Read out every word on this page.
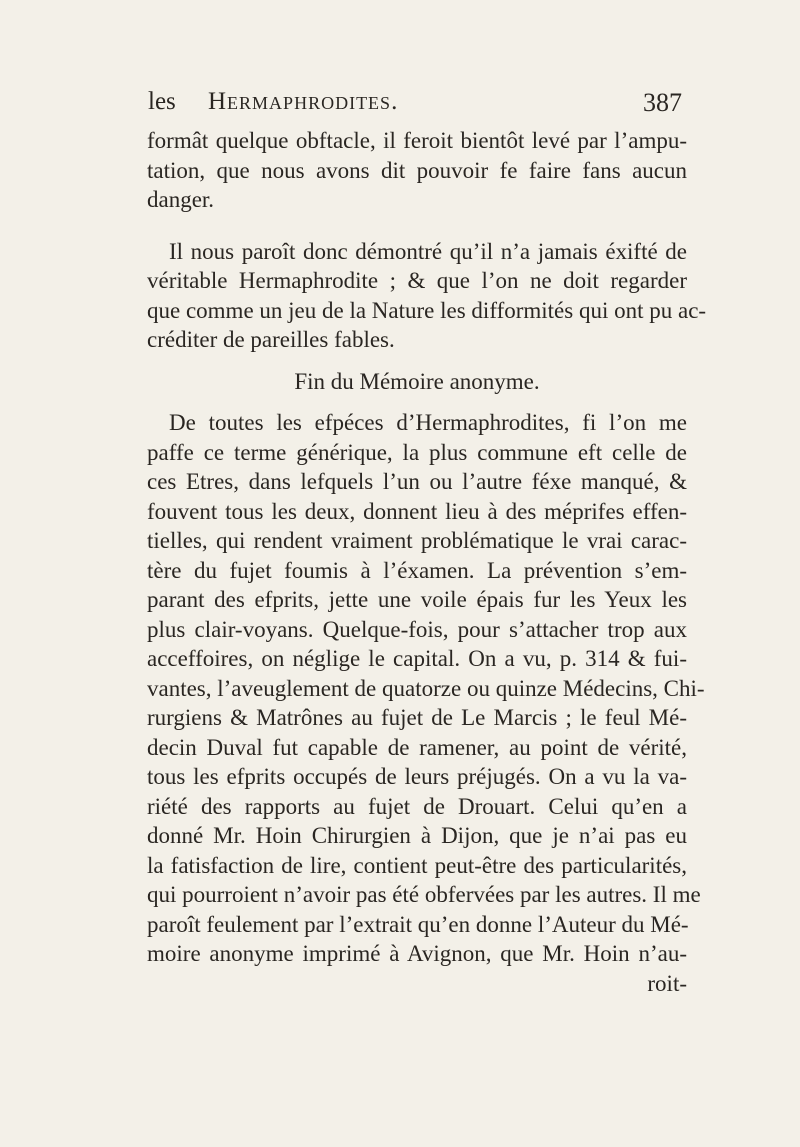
les Hermaphrodites.	387
formât quelque obftacle, il feroit bientôt levé par l’ampu-
tation, que nous avons dit pouvoir fe faire fans aucun
danger.
Il nous paroît donc démontré qu’il n’a jamais éxifté de
véritable Hermaphrodite ; & que l’on ne doit regarder
que comme un jeu de la Nature les difformités qui ont pu ac-
créditer de pareilles fables.
Fin du Mémoire anonyme.
De toutes les efpéces d’Hermaphrodites, fi l’on me
paffe ce terme générique, la plus commune eft celle de
ces Etres, dans lefquels l’un ou l’autre féxe manqué, &
fouvent tous les deux, donnent lieu à des méprifes effen-
tielles, qui rendent vraiment problématique le vrai carac-
tère du fujet foumis à l’éxamen. La prévention s’em-
parant des efprits, jette une voile épais fur les Yeux les
plus clair-voyans. Quelque-fois, pour s’attacher trop aux
acceffoires, on néglige le capital. On a vu, p. 314 & fui-
vantes, l’aveuglement de quatorze ou quinze Médecins, Chi-
rurgiens & Matrônes au fujet de Le Marcis ; le feul Mé-
decin Duval fut capable de ramener, au point de vérité,
tous les efprits occupés de leurs préjugés. On a vu la va-
riété des rapports au fujet de Drouart. Celui qu’en a
donné Mr. Hoin Chirurgien à Dijon, que je n’ai pas eu
la fatisfaction de lire, contient peut-être des particularités,
qui pourroient n’avoir pas été obfervées par les autres. Il me
paroît feulement par l’extrait qu’en donne l’Auteur du Mé-
moire anonyme imprimé à Avignon, que Mr. Hoin n’au-
roit-
